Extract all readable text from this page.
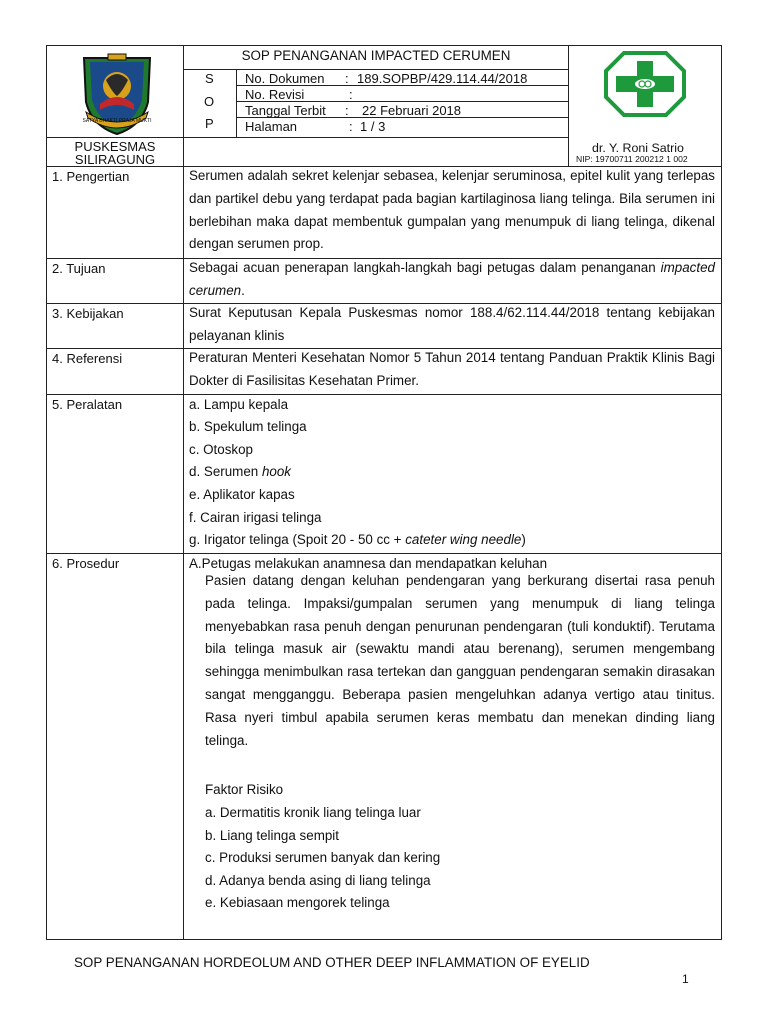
SATYA BHAKTI PRAJA MUKTI
SOP PENANGANAN IMPACTED CERUMEN
S
O
P
No. Dokumen : 189.SOPBP/429.114.44/2018
No. Revisi	:
Tanggal Terbit : 22 Februari 2018
Halaman	: 1 / 3
PUSKESMAS
SILIRAGUNG
dr. Y. Roni Satrio
NIP: 19700711 200212 1 002
1. Pengertian	Serumen adalah sekret kelenjar sebasea, kelenjar seruminosa, epitel kulit yang terlepas dan partikel debu yang terdapat pada bagian kartilaginosa liang telinga. Bila serumen ini berlebihan maka dapat membentuk gumpalan yang menumpuk di liang telinga, dikenal dengan serumen prop.

2. Tujuan	Sebagai acuan penerapan langkah-langkah bagi petugas dalam penanganan impacted cerumen.

3. Kebijakan	Surat Keputusan Kepala Puskesmas nomor 188.4/62.114.44/2018 tentang kebijakan pelayanan klinis

4. Referensi	Peraturan Menteri Kesehatan Nomor 5 Tahun 2014 tentang Panduan Praktik Klinis Bagi Dokter di Fasilisitas Kesehatan Primer.

5. Peralatan	a. Lampu kepala
b. Spekulum telinga
c. Otoskop
d. Serumen hook
e. Aplikator kapas
f. Cairan irigasi telinga
g. Irigator telinga (Spoit 20 - 50 cc + cateter wing needle)
6. Prosedur	A.Petugas melakukan anamnesa dan mendapatkan keluhan

Pasien datang dengan keluhan pendengaran yang berkurang disertai rasa penuh pada telinga. Impaksi/gumpalan serumen yang menumpuk di liang telinga menyebabkan rasa penuh dengan penurunan pendengaran (tuli konduktif). Terutama bila telinga masuk air (sewaktu mandi atau berenang), serumen mengembang sehingga menimbulkan rasa tertekan dan gangguan pendengaran semakin dirasakan sangat mengganggu. Beberapa pasien mengeluhkan adanya vertigo atau tinitus. Rasa nyeri timbul apabila serumen keras membatu dan menekan dinding liang telinga.

Faktor Risiko
a. Dermatitis kronik liang telinga luar
b. Liang telinga sempit
c. Produksi serumen banyak dan kering
d. Adanya benda asing di liang telinga
e. Kebiasaan mengorek telinga
SOP PENANGANAN HORDEOLUM AND OTHER DEEP INFLAMMATION OF EYELID
1
